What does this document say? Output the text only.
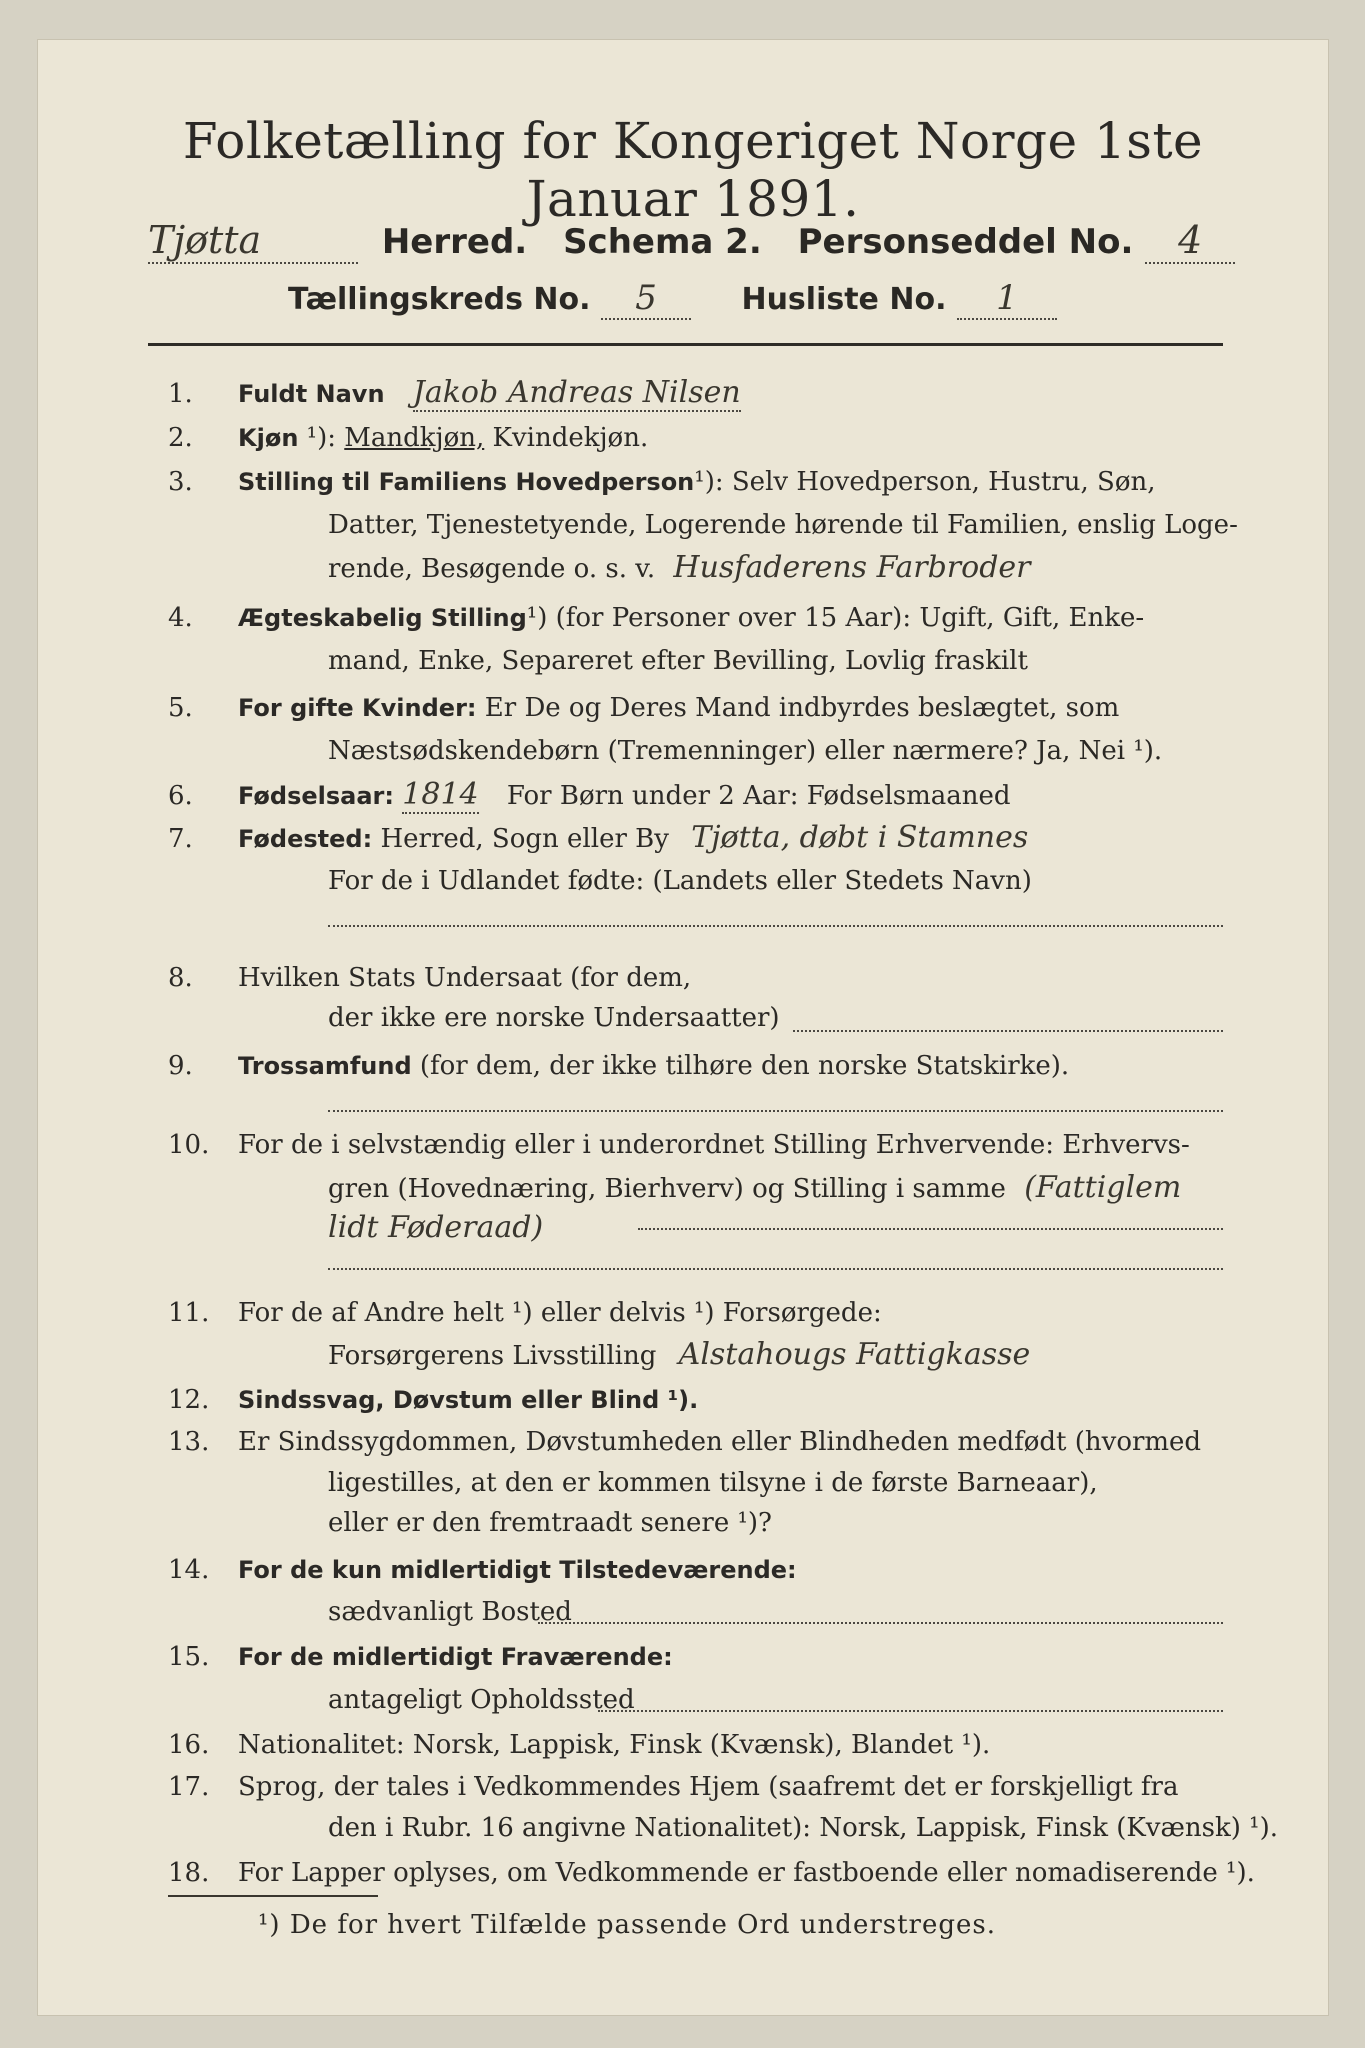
Folketælling for Kongeriget Norge 1ste Januar 1891.
Tjøtta	Herred. Schema 2. Personseddel No. 4
Tællingskreds No. 5	Husliste No. 1
1. Fuldt Navn Jakob Andreas Nilsen
2. Kjøn ¹): Mandkjøn, Kvindekjøn.
3. Stilling til Familiens Hovedperson¹): Selv Hovedperson, Hustru, Søn,
Datter, Tjenestetyende, Logerende hørende til Familien, enslig Loge-
rende, Besøgende o. s. v. Husfaderens Farbroder
4. Ægteskabelig Stilling¹) (for Personer over 15 Aar): Ugift, Gift, Enke-
mand, Enke, Separeret efter Bevilling, Lovlig fraskilt
5. For gifte Kvinder: Er De og Deres Mand indbyrdes beslægtet, som
Næstsødskendebørn (Tremenninger) eller nærmere? Ja, Nei ¹).
6. Fødselsaar: 1814 For Børn under 2 Aar: Fødselsmaaned
7. Fødested: Herred, Sogn eller By Tjøtta, døbt i Stamnes
For de i Udlandet fødte: (Landets eller Stedets Navn)
8. Hvilken Stats Undersaat (for dem,
der ikke ere norske Undersaatter)
9. Trossamfund (for dem, der ikke tilhøre den norske Statskirke).
10. For de i selvstændig eller i underordnet Stilling Erhvervende: Erhvervs-
gren (Hovednæring, Bierhverv) og Stilling i samme (Fattiglem
lidt Føderaad)
11. For de af Andre helt ¹) eller delvis ¹) Forsørgede:
Forsørgerens Livsstilling Alstahougs Fattigkasse
12. Sindssvag, Døvstum eller Blind ¹).
13. Er Sindssygdommen, Døvstumheden eller Blindheden medfødt (hvormed
ligestilles, at den er kommen tilsyne i de første Barneaar),
eller er den fremtraadt senere ¹)?
14. For de kun midlertidigt Tilstedeværende:
sædvanligt Bosted
15. For de midlertidigt Fraværende:
antageligt Opholdssted
16. Nationalitet: Norsk, Lappisk, Finsk (Kvænsk), Blandet ¹).
17. Sprog, der tales i Vedkommendes Hjem (saafremt det er forskjelligt fra
den i Rubr. 16 angivne Nationalitet): Norsk, Lappisk, Finsk (Kvænsk) ¹).
18. For Lapper oplyses, om Vedkommende er fastboende eller nomadiserende ¹).
¹) De for hvert Tilfælde passende Ord understreges.
